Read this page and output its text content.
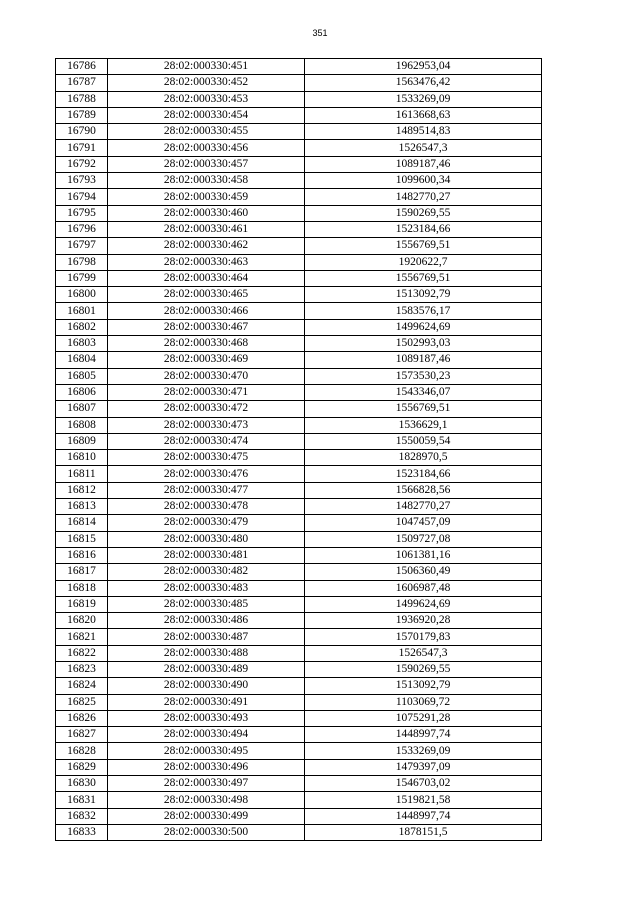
351
16786	28:02:000330:451	1962953,04
16787	28:02:000330:452	1563476,42
16788	28:02:000330:453	1533269,09
16789	28:02:000330:454	1613668,63
16790	28:02:000330:455	1489514,83
16791	28:02:000330:456	1526547,3
16792	28:02:000330:457	1089187,46
16793	28:02:000330:458	1099600,34
16794	28:02:000330:459	1482770,27
16795	28:02:000330:460	1590269,55
16796	28:02:000330:461	1523184,66
16797	28:02:000330:462	1556769,51
16798	28:02:000330:463	1920622,7
16799	28:02:000330:464	1556769,51
16800	28:02:000330:465	1513092,79
16801	28:02:000330:466	1583576,17
16802	28:02:000330:467	1499624,69
16803	28:02:000330:468	1502993,03
16804	28:02:000330:469	1089187,46
16805	28:02:000330:470	1573530,23
16806	28:02:000330:471	1543346,07
16807	28:02:000330:472	1556769,51
16808	28:02:000330:473	1536629,1
16809	28:02:000330:474	1550059,54
16810	28:02:000330:475	1828970,5
16811	28:02:000330:476	1523184,66
16812	28:02:000330:477	1566828,56
16813	28:02:000330:478	1482770,27
16814	28:02:000330:479	1047457,09
16815	28:02:000330:480	1509727,08
16816	28:02:000330:481	1061381,16
16817	28:02:000330:482	1506360,49
16818	28:02:000330:483	1606987,48
16819	28:02:000330:485	1499624,69
16820	28:02:000330:486	1936920,28
16821	28:02:000330:487	1570179,83
16822	28:02:000330:488	1526547,3
16823	28:02:000330:489	1590269,55
16824	28:02:000330:490	1513092,79
16825	28:02:000330:491	1103069,72
16826	28:02:000330:493	1075291,28
16827	28:02:000330:494	1448997,74
16828	28:02:000330:495	1533269,09
16829	28:02:000330:496	1479397,09
16830	28:02:000330:497	1546703,02
16831	28:02:000330:498	1519821,58
16832	28:02:000330:499	1448997,74
16833	28:02:000330:500	1878151,5
